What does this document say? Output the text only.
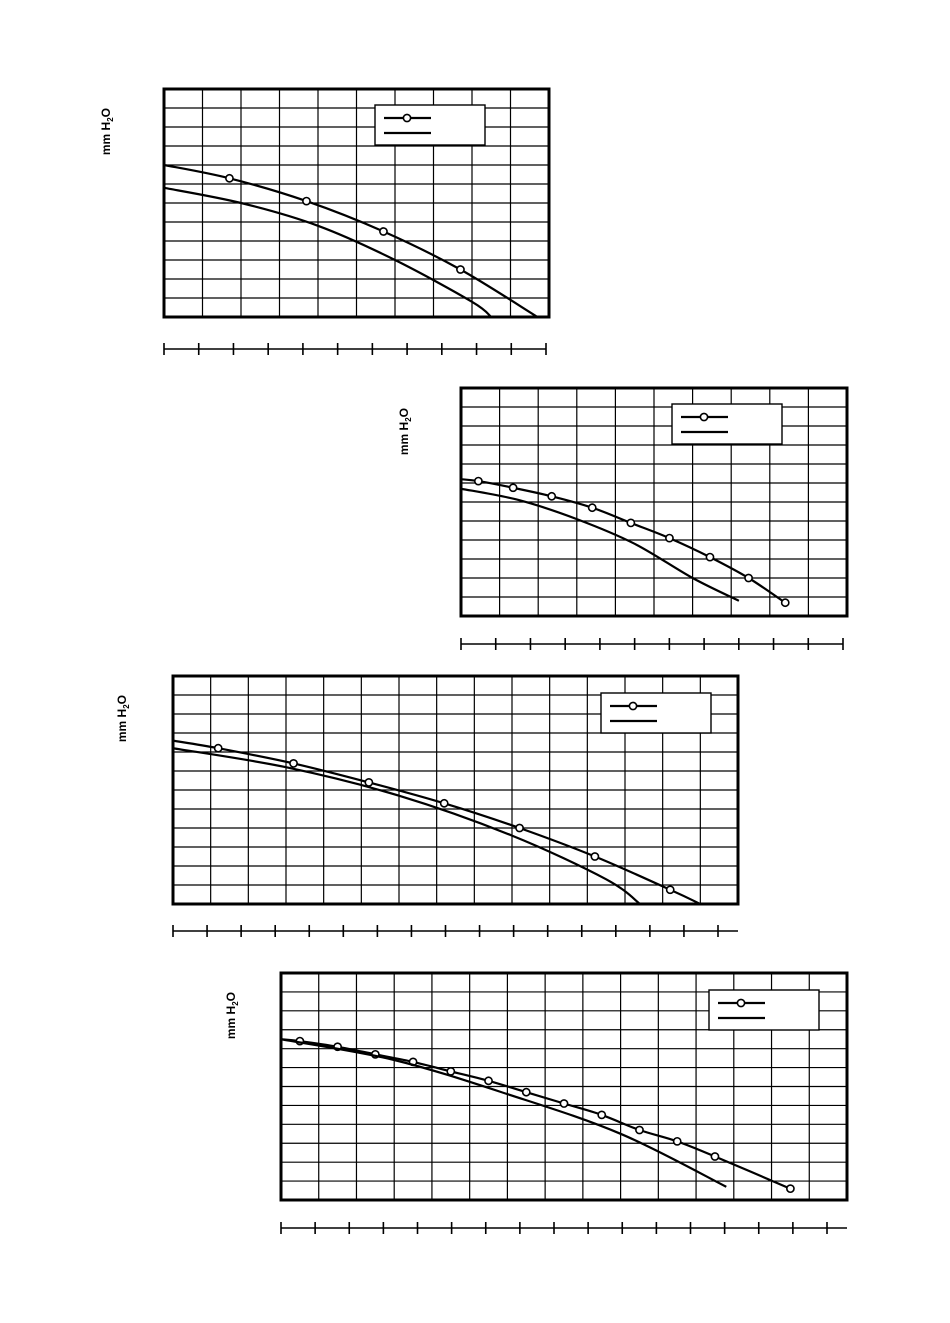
mm $H_2O$
mm $H_2O$
mm $H_2O$
mm $H_2O$
